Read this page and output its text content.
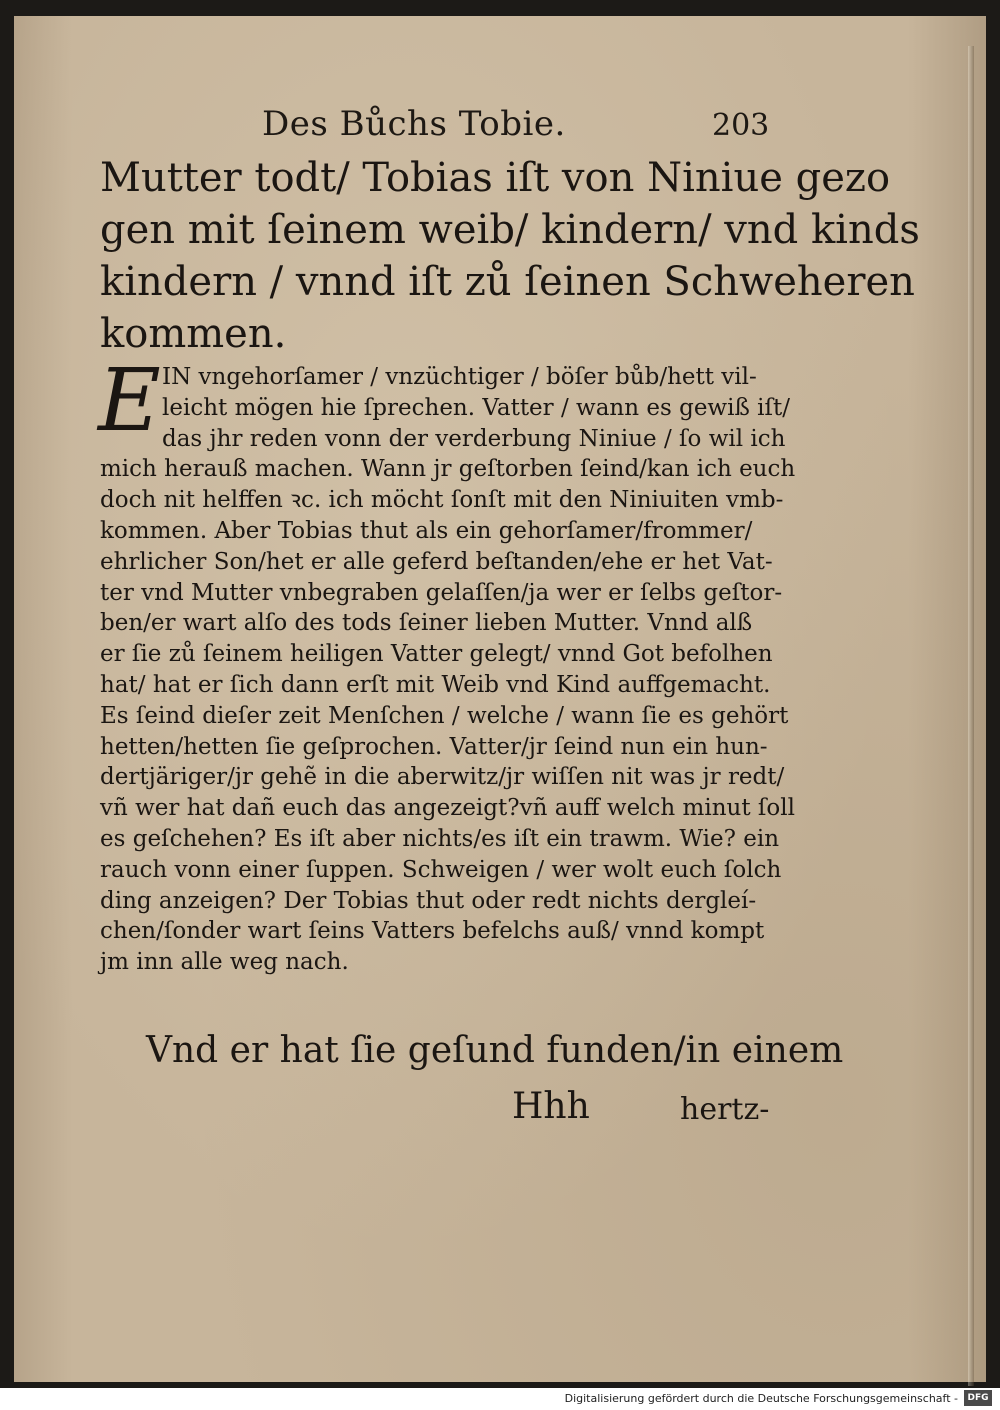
Des Bůchs Tobie.	203
Mutter todt/ Tobias iſt von Niniue gezo
gen mit ſeinem weib/ kindern/ vnd kinds
kindern / vnnd iſt zů ſeinen Schweheren
kommen.
E IN vngehorſamer / vnzüchtiger / böſer bůb/hett vil-
leicht mögen hie ſprechen. Vatter / wann es gewiß iſt/
das jhr reden vonn der verderbung Niniue / ſo wil ich
mich herauß machen. Wann jr geſtorben ſeind/kan ich euch
doch nit helffen ꝛc. ich möcht ſonſt mit den Niniuiten vmb-
kommen. Aber Tobias thut als ein gehorſamer/frommer/
ehrlicher Son/het er alle geferd beſtanden/ehe er het Vat-
ter vnd Mutter vnbegraben gelaſſen/ja wer er ſelbs geſtor-
ben/er wart alſo des tods ſeiner lieben Mutter. Vnnd alß
er ſie zů ſeinem heiligen Vatter gelegt/ vnnd Got befolhen
hat/ hat er ſich dann erſt mit Weib vnd Kind auffgemacht.
Es ſeind dieſer zeit Menſchen / welche / wann ſie es gehört
hetten/hetten ſie geſprochen. Vatter/jr ſeind nun ein hun-
dertjäriger/jr gehẽ in die aberwitz/jr wiſſen nit was jr redt/
vñ wer hat dañ euch das angezeigt?vñ auff welch minut ſoll
es geſchehen? Es iſt aber nichts/es iſt ein trawm. Wie? ein
rauch vonn einer ſuppen. Schweigen / wer wolt euch ſolch
ding anzeigen? Der Tobias thut oder redt nichts dergleí-
chen/ſonder wart ſeins Vatters befelchs auß/ vnnd kompt
jm inn alle weg nach.
Vnd er hat ſie geſund funden/in einem
Hhh	hertz-
Digitalisierung gefördert durch die Deutsche Forschungsgemeinschaft -	DFG
